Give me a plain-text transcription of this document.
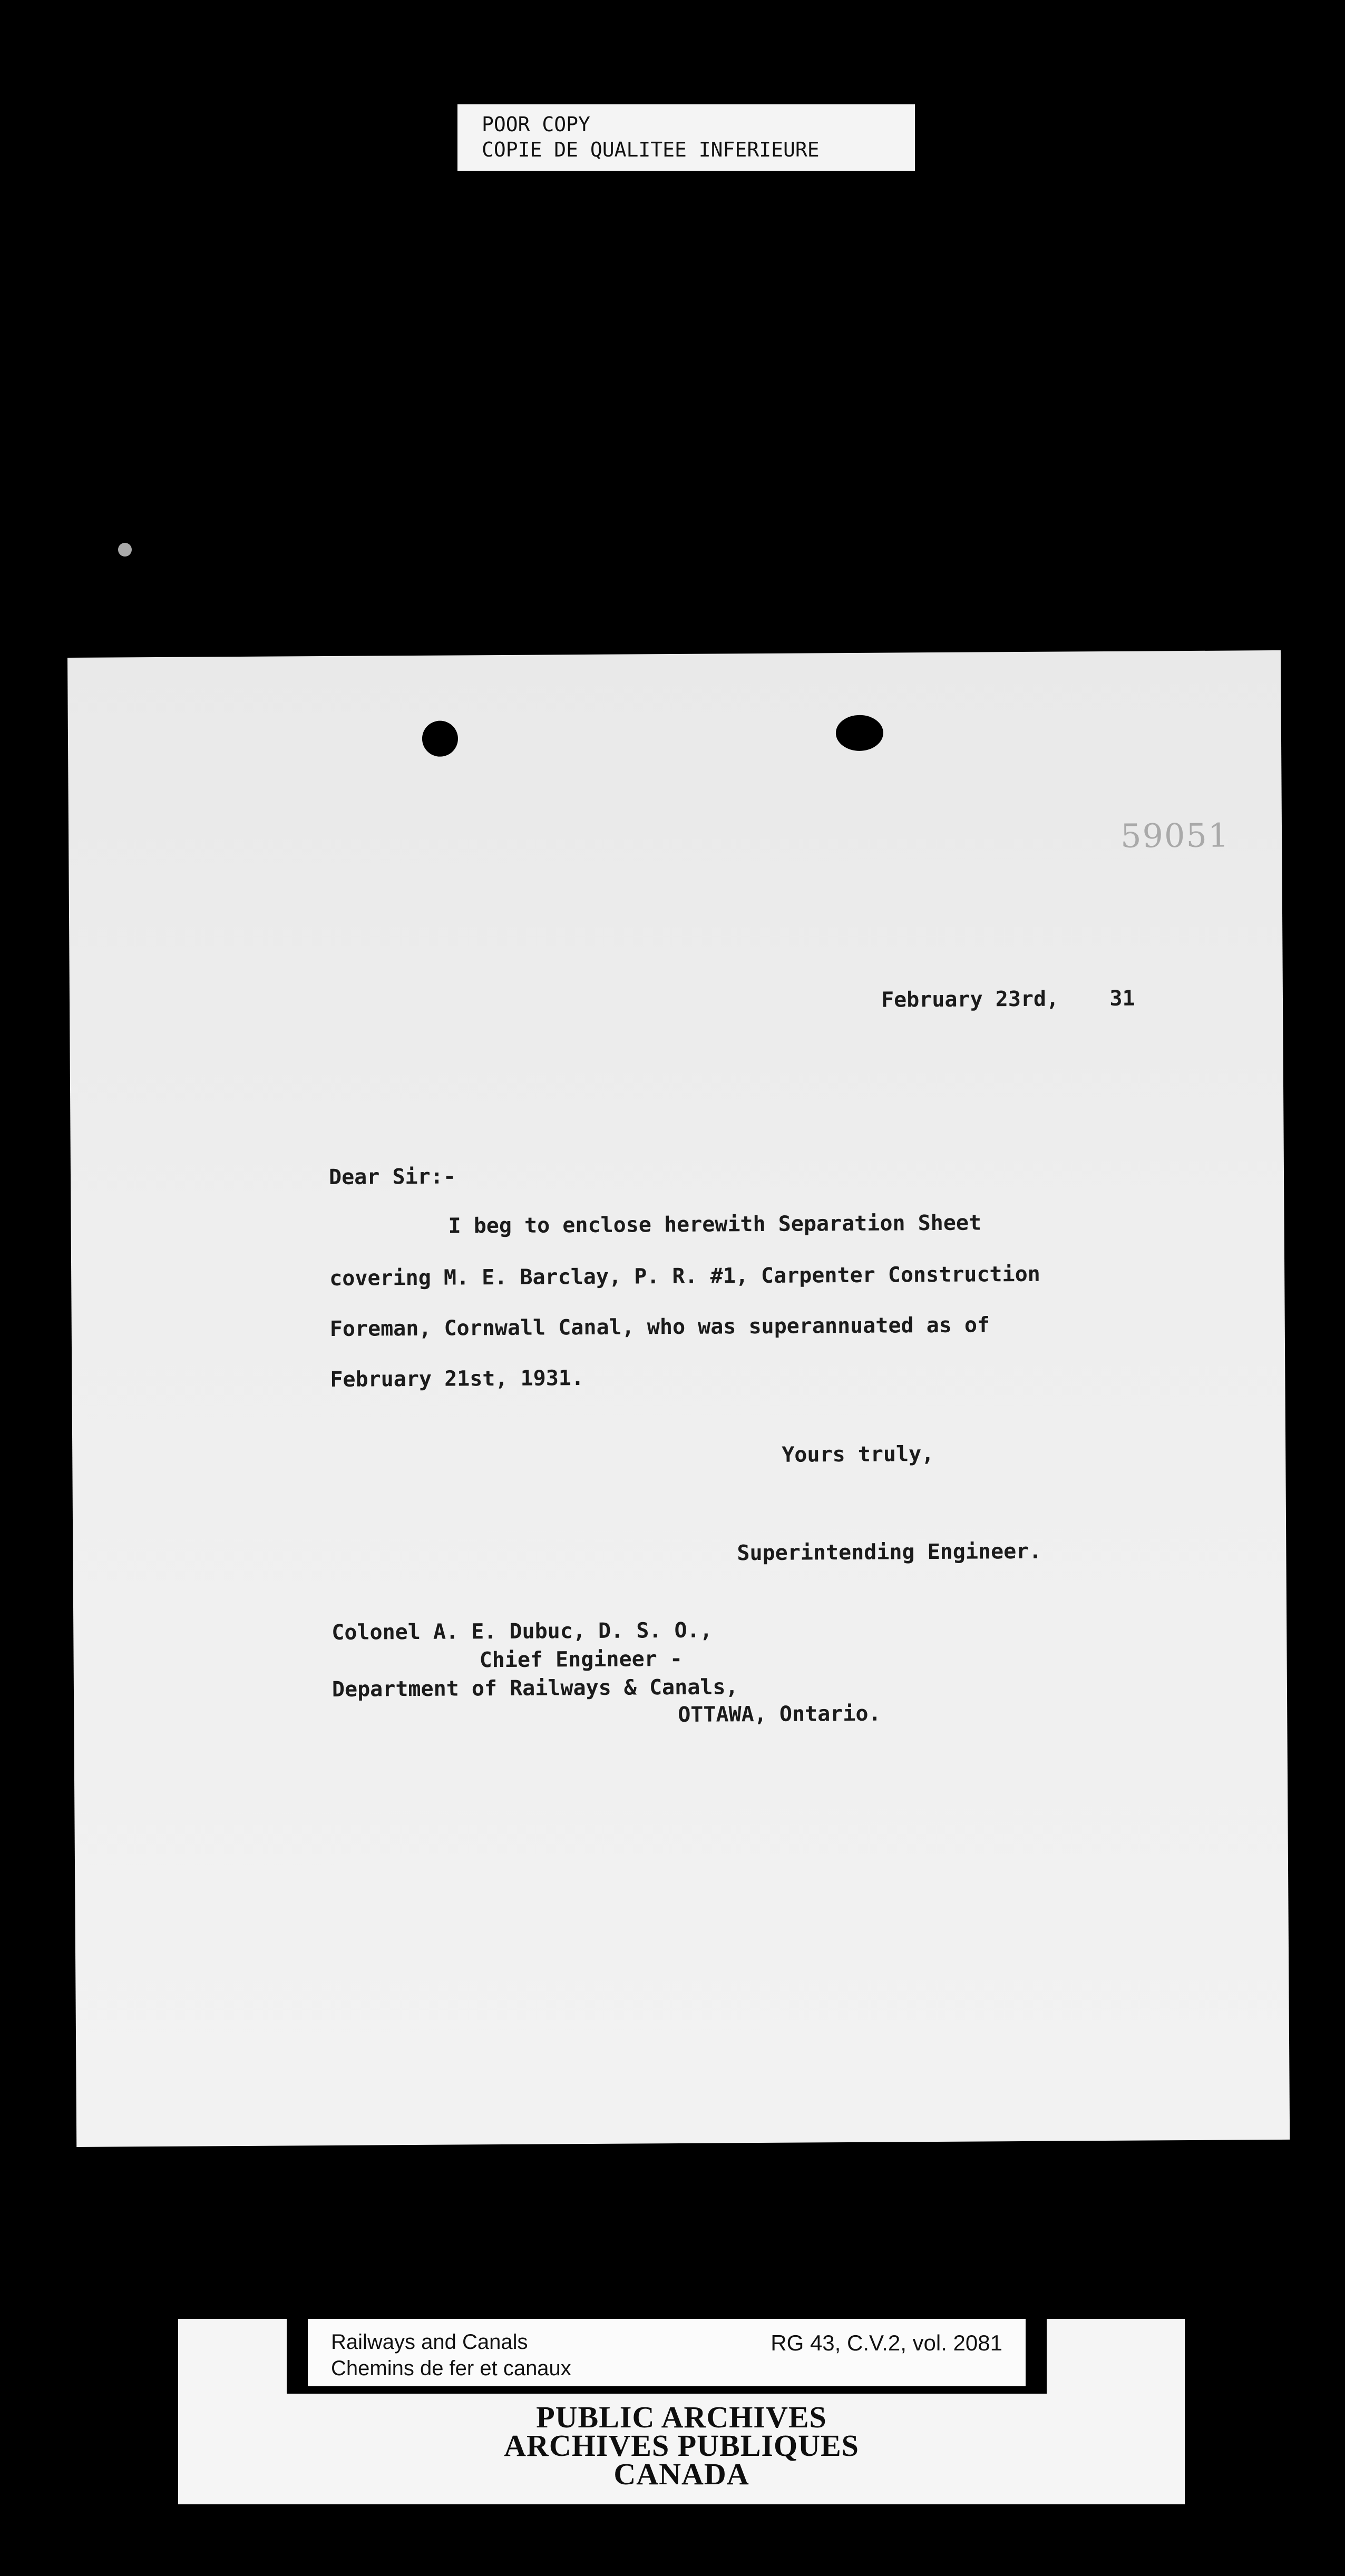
POOR COPY
COPIE DE QUALITEE INFERIEURE
59051
February 23rd,    31
Dear Sir:-
I beg to enclose herewith Separation Sheet
covering M. E. Barclay, P. R. #1, Carpenter Construction
Foreman, Cornwall Canal, who was superannuated as of
February 21st, 1931.
Yours truly,
Superintending Engineer.
Colonel A. E. Dubuc, D. S. O.,
Chief Engineer -
Department of Railways & Canals,
OTTAWA, Ontario.
Railways and Canals
Chemins de fer et canaux
RG 43, C.V.2, vol. 2081
PUBLIC ARCHIVES
ARCHIVES PUBLIQUES
CANADA
